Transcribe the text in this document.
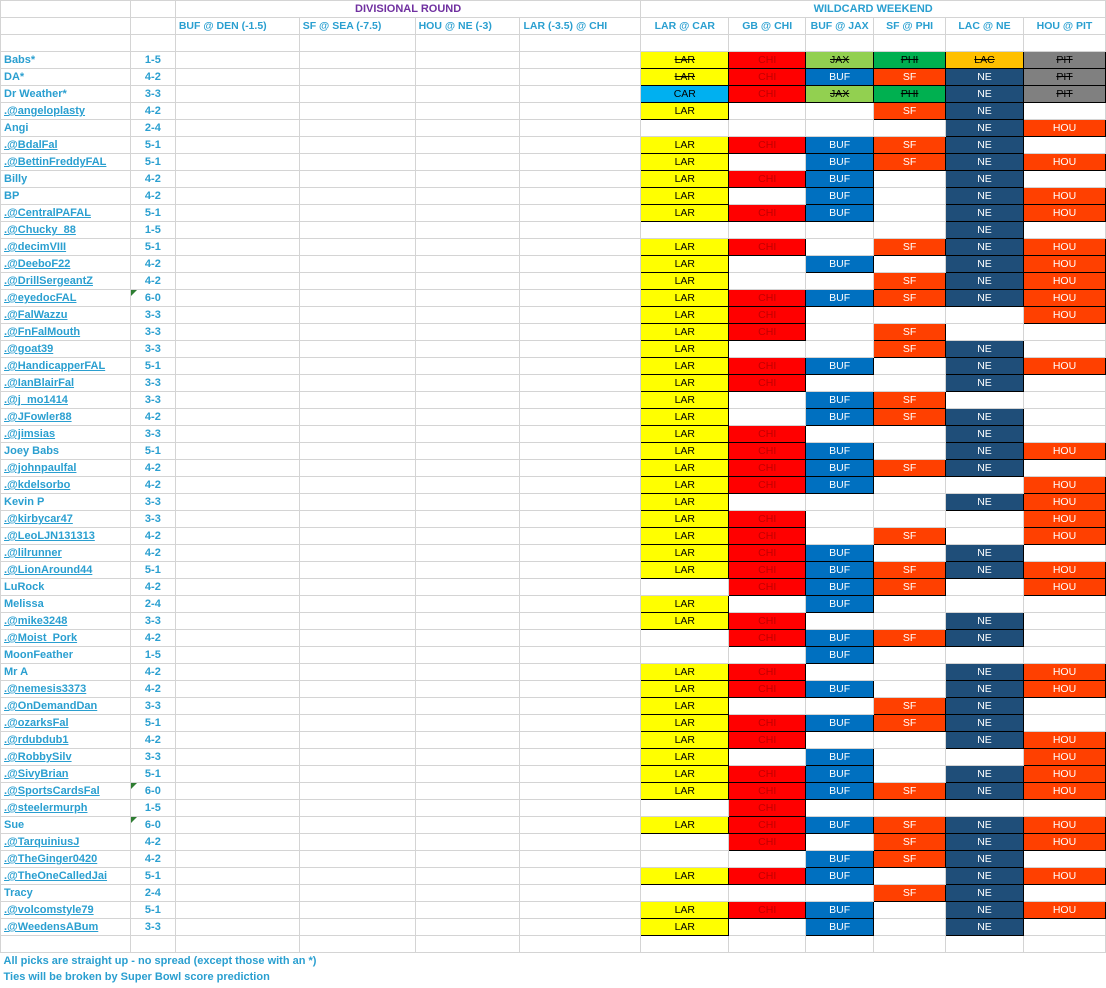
		DIVISIONAL ROUND				WILDCARD WEEKEND					
		BUF @ DEN (-1.5)	SF @ SEA (-7.5)	HOU @ NE (-3)	LAR (-3.5) @ CHI	LAR @ CAR	GB @ CHI	BUF @ JAX	SF @ PHI	LAC @ NE	HOU @ PIT

Babs*	1-5					LAR	CHI	JAX	PHI	LAC	PIT
DA*	4-2					LAR	CHI	BUF	SF	NE	PIT
Dr Weather*	3-3					CAR	CHI	JAX	PHI	NE	PIT
.@angeloplasty	4-2					LAR			SF	NE	
Angi	2-4									NE	HOU
.@BdalFal	5-1					LAR	CHI	BUF	SF	NE	
.@BettinFreddyFAL	5-1					LAR		BUF	SF	NE	HOU
Billy	4-2					LAR	CHI	BUF		NE	
BP	4-2					LAR		BUF		NE	HOU
.@CentralPAFAL	5-1					LAR	CHI	BUF		NE	HOU
.@Chucky_88	1-5									NE	
.@decimVIII	5-1					LAR	CHI		SF	NE	HOU
.@DeeboF22	4-2					LAR		BUF		NE	HOU
.@DrillSergeantZ	4-2					LAR			SF	NE	HOU
.@eyedocFAL	6-0					LAR	CHI	BUF	SF	NE	HOU
.@FalWazzu	3-3					LAR	CHI				HOU
.@FnFalMouth	3-3					LAR	CHI		SF		
.@goat39	3-3					LAR			SF	NE	
.@HandicapperFAL	5-1					LAR	CHI	BUF		NE	HOU
.@IanBlairFal	3-3					LAR	CHI			NE	
.@j_mo1414	3-3					LAR		BUF	SF		
.@JFowler88	4-2					LAR		BUF	SF	NE	
.@jimsias	3-3					LAR	CHI			NE	
Joey Babs	5-1					LAR	CHI	BUF		NE	HOU
.@johnpaulfal	4-2					LAR	CHI	BUF	SF	NE	
.@kdelsorbo	4-2					LAR	CHI	BUF			HOU
Kevin P	3-3					LAR				NE	HOU
.@kirbycar47	3-3					LAR	CHI				HOU
.@LeoLJN131313	4-2					LAR	CHI		SF		HOU
.@lilrunner	4-2					LAR	CHI	BUF		NE	
.@LionAround44	5-1					LAR	CHI	BUF	SF	NE	HOU
LuRock	4-2						CHI	BUF	SF		HOU
Melissa	2-4					LAR		BUF			
.@mike3248	3-3					LAR	CHI			NE	
.@Moist_Pork	4-2						CHI	BUF	SF	NE	
MoonFeather	1-5							BUF			
Mr A	4-2					LAR	CHI			NE	HOU
.@nemesis3373	4-2					LAR	CHI	BUF		NE	HOU
.@OnDemandDan	3-3					LAR			SF	NE	
.@ozarksFal	5-1					LAR	CHI	BUF	SF	NE	
.@rdubdub1	4-2					LAR	CHI			NE	HOU
.@RobbySilv	3-3					LAR		BUF			HOU
.@SivyBrian	5-1					LAR	CHI	BUF		NE	HOU
.@SportsCardsFal	6-0					LAR	CHI	BUF	SF	NE	HOU
.@steelermurph	1-5						CHI				
Sue	6-0					LAR	CHI	BUF	SF	NE	HOU
.@TarquiniusJ	4-2						CHI		SF	NE	HOU
.@TheGinger0420	4-2							BUF	SF	NE	
.@TheOneCalledJai	5-1					LAR	CHI	BUF		NE	HOU
Tracy	2-4								SF	NE	
.@volcomstyle79	5-1					LAR	CHI	BUF		NE	HOU
.@WeedensABum	3-3					LAR		BUF		NE	

All picks are straight up - no spread (except those with an *)											
Ties will be broken by Super Bowl score prediction											
